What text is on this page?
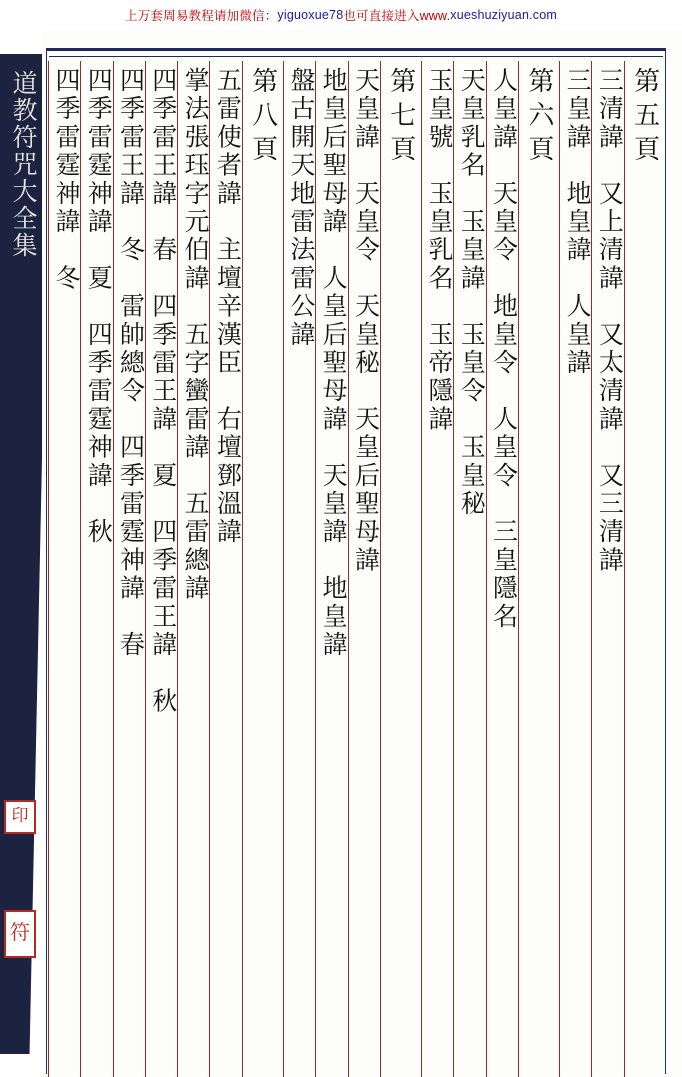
上万套周易教程请加微信： yiguoxue78 也可直接进入www. xueshuziyuan.com
道教符咒大全集
印
符
第五頁
三清諱　又上清諱　又太清諱　又三清諱
三皇諱　地皇諱　人皇諱
第六頁
人皇諱　天皇令　地皇令　人皇令　三皇隱名
天皇乳名　玉皇諱　玉皇令　玉皇秘
玉皇號　玉皇乳名　玉帝隱諱
第七頁
天皇諱　天皇令　天皇秘　天皇后聖母諱
地皇后聖母諱　人皇后聖母諱　天皇諱　地皇諱
盤古開天地雷法雷公諱
第八頁
五雷使者諱　主壇辛漢臣　右壇鄧溫諱
掌法張珏字元伯諱　五字蠻雷諱　五雷總諱
四季雷王諱　春　四季雷王諱　夏　四季雷王諱　秋
四季雷王諱　冬　雷帥總令　四季雷霆神諱　春
四季雷霆神諱　夏　四季雷霆神諱　秋
四季雷霆神諱　冬
